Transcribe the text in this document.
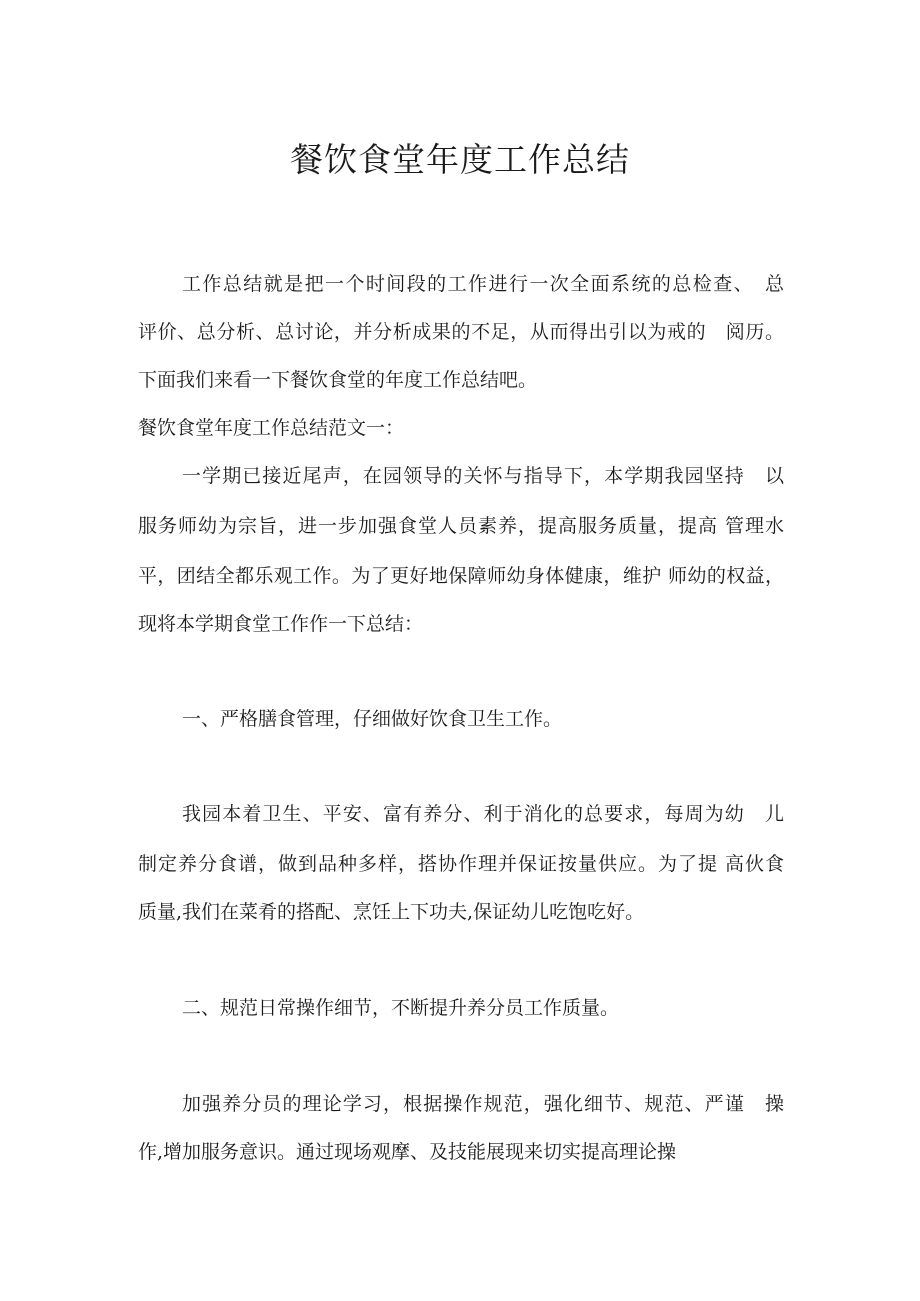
餐饮食堂年度工作总结

工作总结就是把一个时间段的工作进行一次全面系统的总检查、　总

评价、总分析、总讨论，并分析成果的不足，从而得出引以为戒的　阅历。

下面我们来看一下餐饮食堂的年度工作总结吧。

餐饮食堂年度工作总结范文一：

一学期已接近尾声，在园领导的关怀与指导下，本学期我园坚持　以

服务师幼为宗旨，进一步加强食堂人员素养，提高服务质量，提高 管理水

平，团结全都乐观工作。为了更好地保障师幼身体健康，维护 师幼的权益，

现将本学期食堂工作作一下总结：

一、严格膳食管理，仔细做好饮食卫生工作。

我园本着卫生、平安、富有养分、利于消化的总要求，每周为幼　儿

制定养分食谱，做到品种多样，搭协作理并保证按量供应。为了提 高伙食

质量,我们在菜肴的搭配、烹饪上下功夫,保证幼儿吃饱吃好。

二、规范日常操作细节，不断提升养分员工作质量。

加强养分员的理论学习，根据操作规范，强化细节、规范、严谨　操

作,增加服务意识。通过现场观摩、及技能展现来切实提高理论操
